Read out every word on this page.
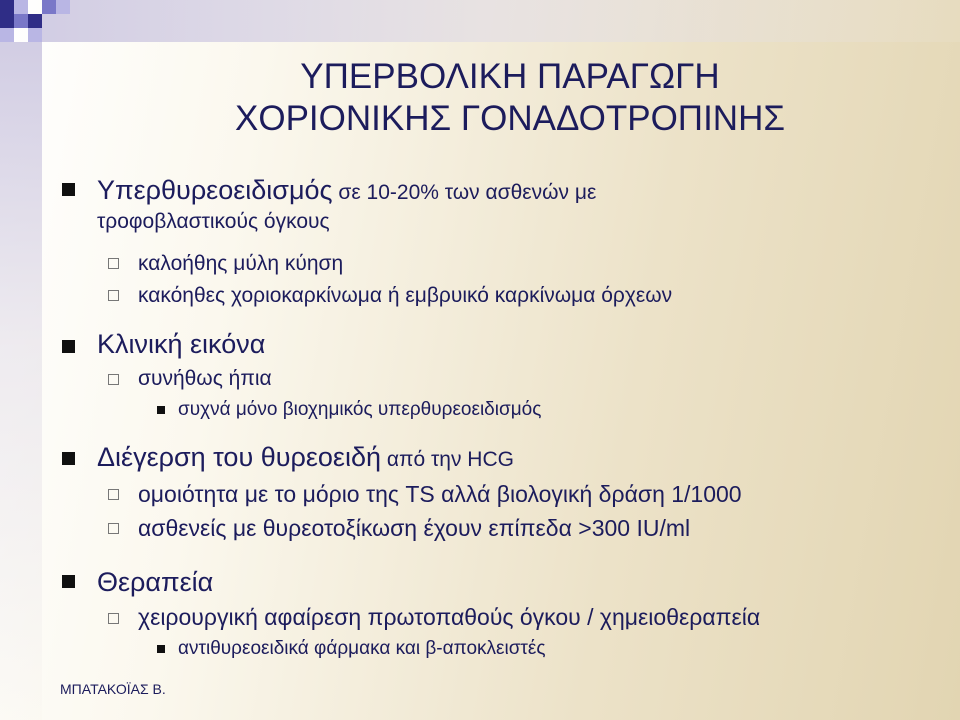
ΥΠΕΡΒΟΛΙΚΗ ΠΑΡΑΓΩΓΗ
ΧΟΡΙΟΝΙΚΗΣ ΓΟΝΑΔΟΤΡΟΠΙΝΗΣ
Υπερθυρεοειδισμός σε 10-20% των ασθενών με
τροφοβλαστικούς όγκους
καλοήθης μύλη κύηση
κακόηθες χοριοκαρκίνωμα ή εμβρυικό καρκίνωμα όρχεων
Κλινική εικόνα
συνήθως ήπια
συχνά μόνο βιοχημικός υπερθυρεοειδισμός
Διέγερση του θυρεοειδή από την HCG
ομοιότητα με το μόριο της TS αλλά βιολογική δράση 1/1000
ασθενείς με θυρεοτοξίκωση έχουν επίπεδα >300 IU/ml
Θεραπεία
χειρουργική αφαίρεση πρωτοπαθούς όγκου / χημειοθεραπεία
αντιθυρεοειδικά φάρμακα και β-αποκλειστές
ΜΠΑΤΑΚΟΪΑΣ Β.
